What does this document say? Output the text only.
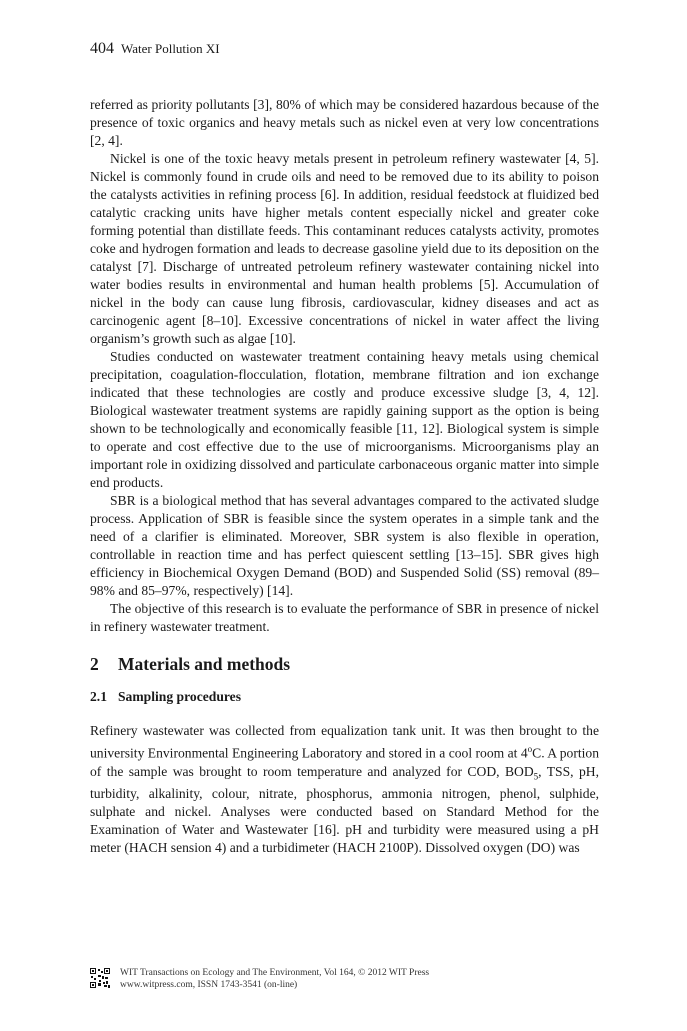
404 Water Pollution XI

referred as priority pollutants [3], 80% of which may be considered hazardous because of the presence of toxic organics and heavy metals such as nickel even at very low concentrations [2, 4].

Nickel is one of the toxic heavy metals present in petroleum refinery wastewater [4, 5]. Nickel is commonly found in crude oils and need to be removed due to its ability to poison the catalysts activities in refining process [6]. In addition, residual feedstock at fluidized bed catalytic cracking units have higher metals content especially nickel and greater coke forming potential than distillate feeds. This contaminant reduces catalysts activity, promotes coke and hydrogen formation and leads to decrease gasoline yield due to its deposition on the catalyst [7]. Discharge of untreated petroleum refinery wastewater containing nickel into water bodies results in environmental and human health problems [5]. Accumulation of nickel in the body can cause lung fibrosis, cardiovascular, kidney diseases and act as carcinogenic agent [8–10]. Excessive concentrations of nickel in water affect the living organism’s growth such as algae [10].

Studies conducted on wastewater treatment containing heavy metals using chemical precipitation, coagulation-flocculation, flotation, membrane filtration and ion exchange indicated that these technologies are costly and produce excessive sludge [3, 4, 12]. Biological wastewater treatment systems are rapidly gaining support as the option is being shown to be technologically and economically feasible [11, 12]. Biological system is simple to operate and cost effective due to the use of microorganisms. Microorganisms play an important role in oxidizing dissolved and particulate carbonaceous organic matter into simple end products.

SBR is a biological method that has several advantages compared to the activated sludge process. Application of SBR is feasible since the system operates in a simple tank and the need of a clarifier is eliminated. Moreover, SBR system is also flexible in operation, controllable in reaction time and has perfect quiescent settling [13–15]. SBR gives high efficiency in Biochemical Oxygen Demand (BOD) and Suspended Solid (SS) removal (89–98% and 85–97%, respectively) [14].

The objective of this research is to evaluate the performance of SBR in presence of nickel in refinery wastewater treatment.

2 Materials and methods
2.1 Sampling procedures

Refinery wastewater was collected from equalization tank unit. It was then brought to the university Environmental Engineering Laboratory and stored in a cool room at 4$^o$C. A portion of the sample was brought to room temperature and analyzed for COD, $BOD_5$, TSS, pH, turbidity, alkalinity, colour, nitrate, phosphorus, ammonia nitrogen, phenol, sulphide, sulphate and nickel. Analyses were conducted based on Standard Method for the Examination of Water and Wastewater [16]. pH and turbidity were measured using a pH meter (HACH sension 4) and a turbidimeter (HACH 2100P). Dissolved oxygen (DO) was

WIT Transactions on Ecology and The Environment, Vol 164, © 2012 WIT Press
www.witpress.com, ISSN 1743-3541 (on-line)
